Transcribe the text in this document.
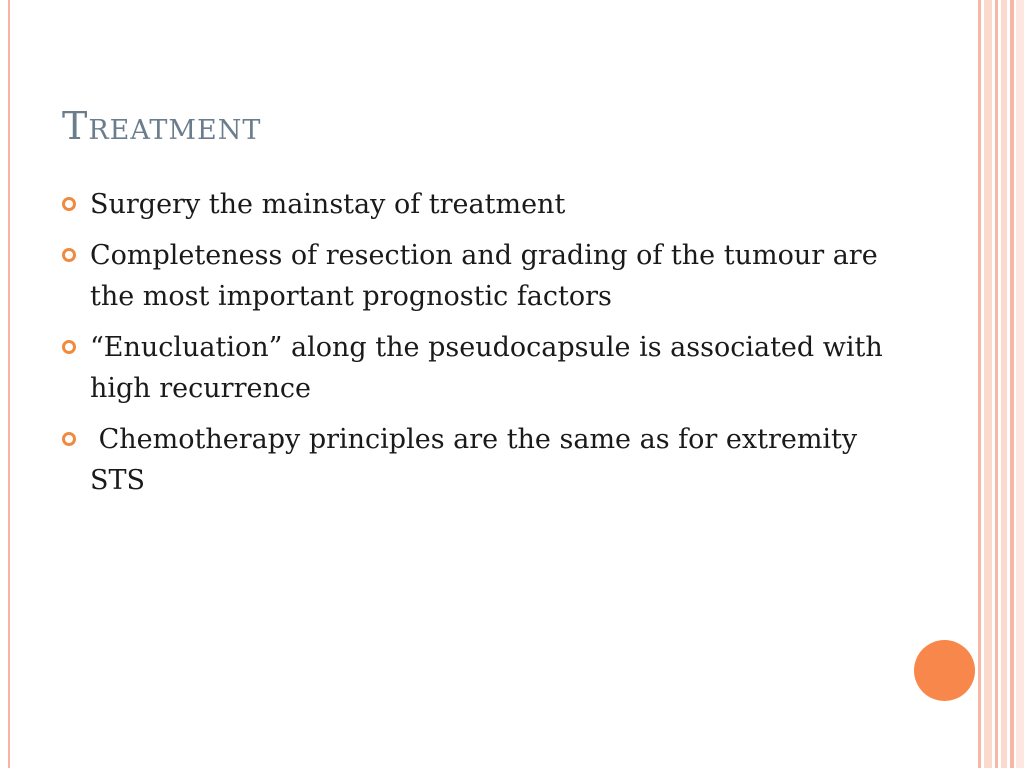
Treatment
Surgery the mainstay of treatment
Completeness of resection and grading of the tumour are the most important prognostic factors
“Enucluation” along the pseudocapsule is associated with high recurrence
Chemotherapy principles are the same as for extremity STS
